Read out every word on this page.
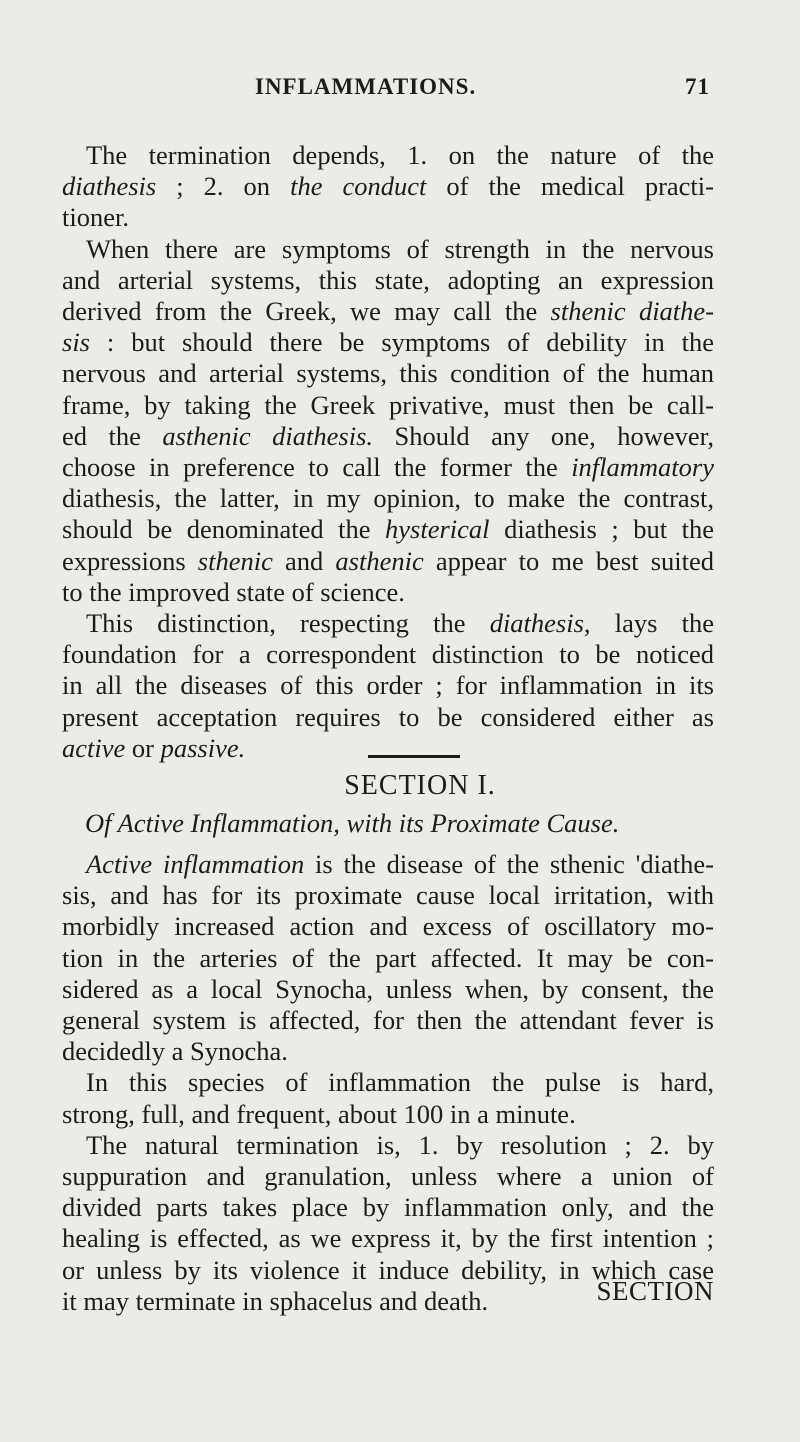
INFLAMMATIONS.	71
The termination depends, 1. on the nature of the
diathesis ; 2. on the conduct of the medical practi-
tioner.
When there are symptoms of strength in the nervous
and arterial systems, this state, adopting an expression
derived from the Greek, we may call the sthenic diathe-
sis : but should there be symptoms of debility in the
nervous and arterial systems, this condition of the human
frame, by taking the Greek privative, must then be call-
ed the asthenic diathesis. Should any one, however,
choose in preference to call the former the inflammatory
diathesis, the latter, in my opinion, to make the contrast,
should be denominated the hysterical diathesis ; but the
expressions sthenic and asthenic appear to me best suited
to the improved state of science.
This distinction, respecting the diathesis, lays the
foundation for a correspondent distinction to be noticed
in all the diseases of this order ; for inflammation in its
present acceptation requires to be considered either as
active or passive.
SECTION I.
Of Active Inflammation, with its Proximate Cause.
Active inflammation is the disease of the sthenic 'diathe-
sis, and has for its proximate cause local irritation, with
morbidly increased action and excess of oscillatory mo-
tion in the arteries of the part affected. It may be con-
sidered as a local Synocha, unless when, by consent, the
general system is affected, for then the attendant fever is
decidedly a Synocha.
In this species of inflammation the pulse is hard,
strong, full, and frequent, about 100 in a minute.
The natural termination is, 1. by resolution ; 2. by
suppuration and granulation, unless where a union of
divided parts takes place by inflammation only, and the
healing is effected, as we express it, by the first intention ;
or unless by its violence it induce debility, in which case
it may terminate in sphacelus and death.	SECTION
